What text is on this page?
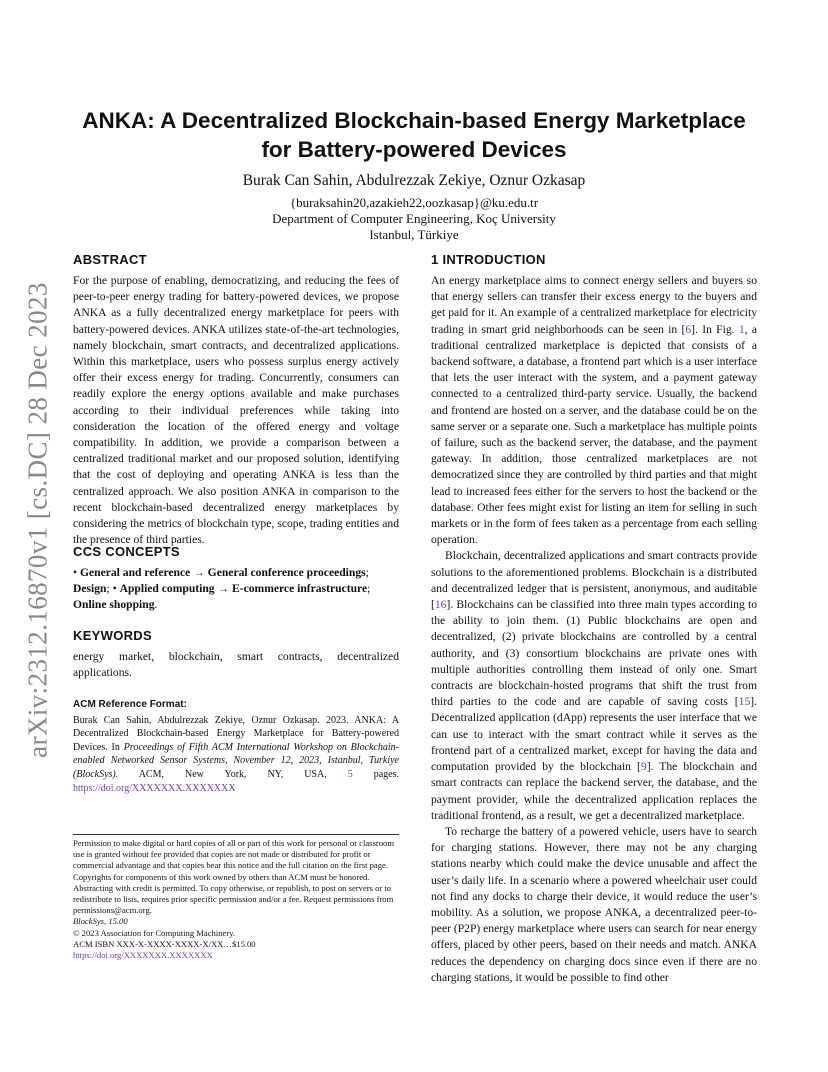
arXiv:2312.16870v1 [cs.DC] 28 Dec 2023
ANKA: A Decentralized Blockchain-based Energy Marketplace
for Battery-powered Devices
Burak Can Sahin, Abdulrezzak Zekiye, Oznur Ozkasap
{buraksahin20,azakieh22,oozkasap}@ku.edu.tr
Department of Computer Engineering, Koç University
Istanbul, Türkiye
ABSTRACT

For the purpose of enabling, democratizing, and reducing the fees of peer-to-peer energy trading for battery-powered devices, we propose ANKA as a fully decentralized energy marketplace for peers with battery-powered devices. ANKA utilizes state-of-the-art technologies, namely blockchain, smart contracts, and decentralized applications. Within this marketplace, users who possess surplus energy actively offer their excess energy for trading. Concurrently, consumers can readily explore the energy options available and make purchases according to their individual preferences while taking into consideration the location of the offered energy and voltage compatibility. In addition, we provide a comparison between a centralized traditional market and our proposed solution, identifying that the cost of deploying and operating ANKA is less than the centralized approach. We also position ANKA in comparison to the recent blockchain-based decentralized energy marketplaces by considering the metrics of blockchain type, scope, trading entities and the presence of third parties.

CCS CONCEPTS

• General and reference → General conference proceedings; Design; • Applied computing → E-commerce infrastructure; Online shopping.

KEYWORDS

energy market, blockchain, smart contracts, decentralized applications.

ACM Reference Format:

Burak Can Sahin, Abdulrezzak Zekiye, Oznur Ozkasap. 2023. ANKA: A Decentralized Blockchain-based Energy Marketplace for Battery-powered Devices. In Proceedings of Fifth ACM International Workshop on Blockchain-enabled Networked Sensor Systems, November 12, 2023, Istanbul, Turkiye (BlockSys). ACM, New York, NY, USA, 5 pages. https://doi.org/XXXXXXX.XXXXXXX

Permission to make digital or hard copies of all or part of this work for personal or classroom use is granted without fee provided that copies are not made or distributed for profit or commercial advantage and that copies bear this notice and the full citation on the first page. Copyrights for components of this work owned by others than ACM must be honored. Abstracting with credit is permitted. To copy otherwise, or republish, to post on servers or to redistribute to lists, requires prior specific permission and/or a fee. Request permissions from permissions@acm.org.

BlockSys, 15.00
© 2023 Association for Computing Machinery.
ACM ISBN XXX-X-XXXX-XXXX-X/XX…$15.00
https://doi.org/XXXXXXX.XXXXXXX
1 INTRODUCTION

An energy marketplace aims to connect energy sellers and buyers so that energy sellers can transfer their excess energy to the buyers and get paid for it. An example of a centralized marketplace for electricity trading in smart grid neighborhoods can be seen in [6]. In Fig. 1, a traditional centralized marketplace is depicted that consists of a backend software, a database, a frontend part which is a user interface that lets the user interact with the system, and a payment gateway connected to a centralized third-party service. Usually, the backend and frontend are hosted on a server, and the database could be on the same server or a separate one. Such a marketplace has multiple points of failure, such as the backend server, the database, and the payment gateway. In addition, those centralized marketplaces are not democratized since they are controlled by third parties and that might lead to increased fees either for the servers to host the backend or the database. Other fees might exist for listing an item for selling in such markets or in the form of fees taken as a percentage from each selling operation.

Blockchain, decentralized applications and smart contracts provide solutions to the aforementioned problems. Blockchain is a distributed and decentralized ledger that is persistent, anonymous, and auditable [16]. Blockchains can be classified into three main types according to the ability to join them. (1) Public blockchains are open and decentralized, (2) private blockchains are controlled by a central authority, and (3) consortium blockchains are private ones with multiple authorities controlling them instead of only one. Smart contracts are blockchain-hosted programs that shift the trust from third parties to the code and are capable of saving costs [15]. Decentralized application (dApp) represents the user interface that we can use to interact with the smart contract while it serves as the frontend part of a centralized market, except for having the data and computation provided by the blockchain [9]. The blockchain and smart contracts can replace the backend server, the database, and the payment provider, while the decentralized application replaces the traditional frontend, as a result, we get a decentralized marketplace.

To recharge the battery of a powered vehicle, users have to search for charging stations. However, there may not be any charging stations nearby which could make the device unusable and affect the user’s daily life. In a scenario where a powered wheelchair user could not find any docks to charge their device, it would reduce the user’s mobility. As a solution, we propose ANKA, a decentralized peer-to-peer (P2P) energy marketplace where users can search for near energy offers, placed by other peers, based on their needs and match. ANKA reduces the dependency on charging docs since even if there are no charging stations, it would be possible to find other
